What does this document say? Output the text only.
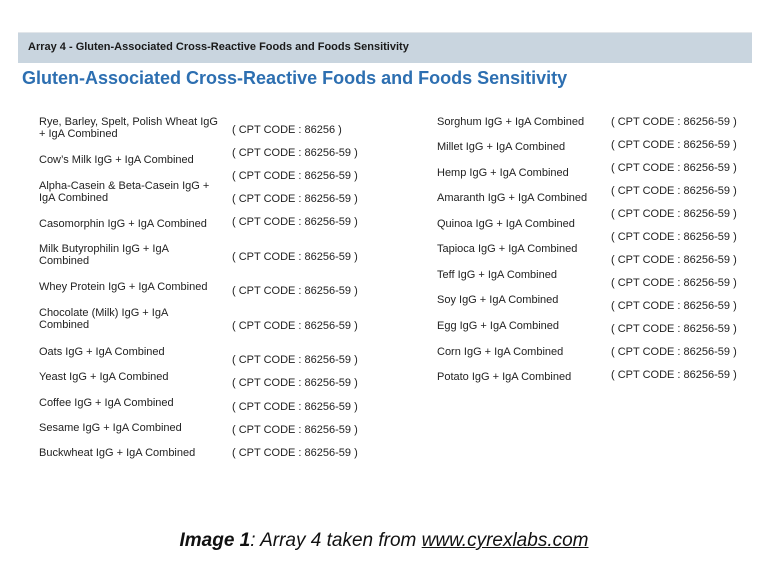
Array 4 - Gluten-Associated Cross-Reactive Foods and Foods Sensitivity
Gluten-Associated Cross-Reactive Foods and Foods Sensitivity
Rye, Barley, Spelt, Polish Wheat IgG + IgA Combined
Cow’s Milk IgG + IgA Combined
Alpha-Casein & Beta-Casein IgG + IgA Combined
Casomorphin IgG + IgA Combined
Milk Butyrophilin IgG + IgA Combined
Whey Protein IgG + IgA Combined
Chocolate (Milk) IgG + IgA Combined
Oats IgG + IgA Combined
Yeast IgG + IgA Combined
Coffee IgG + IgA Combined
Sesame IgG + IgA Combined
Buckwheat IgG + IgA Combined
( CPT CODE : 86256 )
( CPT CODE : 86256-59 )
( CPT CODE : 86256-59 )
( CPT CODE : 86256-59 )
( CPT CODE : 86256-59 )
( CPT CODE : 86256-59 )
( CPT CODE : 86256-59 )
( CPT CODE : 86256-59 )
( CPT CODE : 86256-59 )
( CPT CODE : 86256-59 )
( CPT CODE : 86256-59 )
( CPT CODE : 86256-59 )
( CPT CODE : 86256-59 )
Sorghum IgG + IgA Combined
Millet IgG + IgA Combined
Hemp IgG + IgA Combined
Amaranth IgG + IgA Combined
Quinoa IgG + IgA Combined
Tapioca IgG + IgA Combined
Teff IgG + IgA Combined
Soy IgG + IgA Combined
Egg IgG + IgA Combined
Corn IgG + IgA Combined
Potato IgG + IgA Combined
( CPT CODE : 86256-59 )
( CPT CODE : 86256-59 )
( CPT CODE : 86256-59 )
( CPT CODE : 86256-59 )
( CPT CODE : 86256-59 )
( CPT CODE : 86256-59 )
( CPT CODE : 86256-59 )
( CPT CODE : 86256-59 )
( CPT CODE : 86256-59 )
( CPT CODE : 86256-59 )
( CPT CODE : 86256-59 )
( CPT CODE : 86256-59 )
Image 1: Array 4 taken from www.cyrexlabs.com
